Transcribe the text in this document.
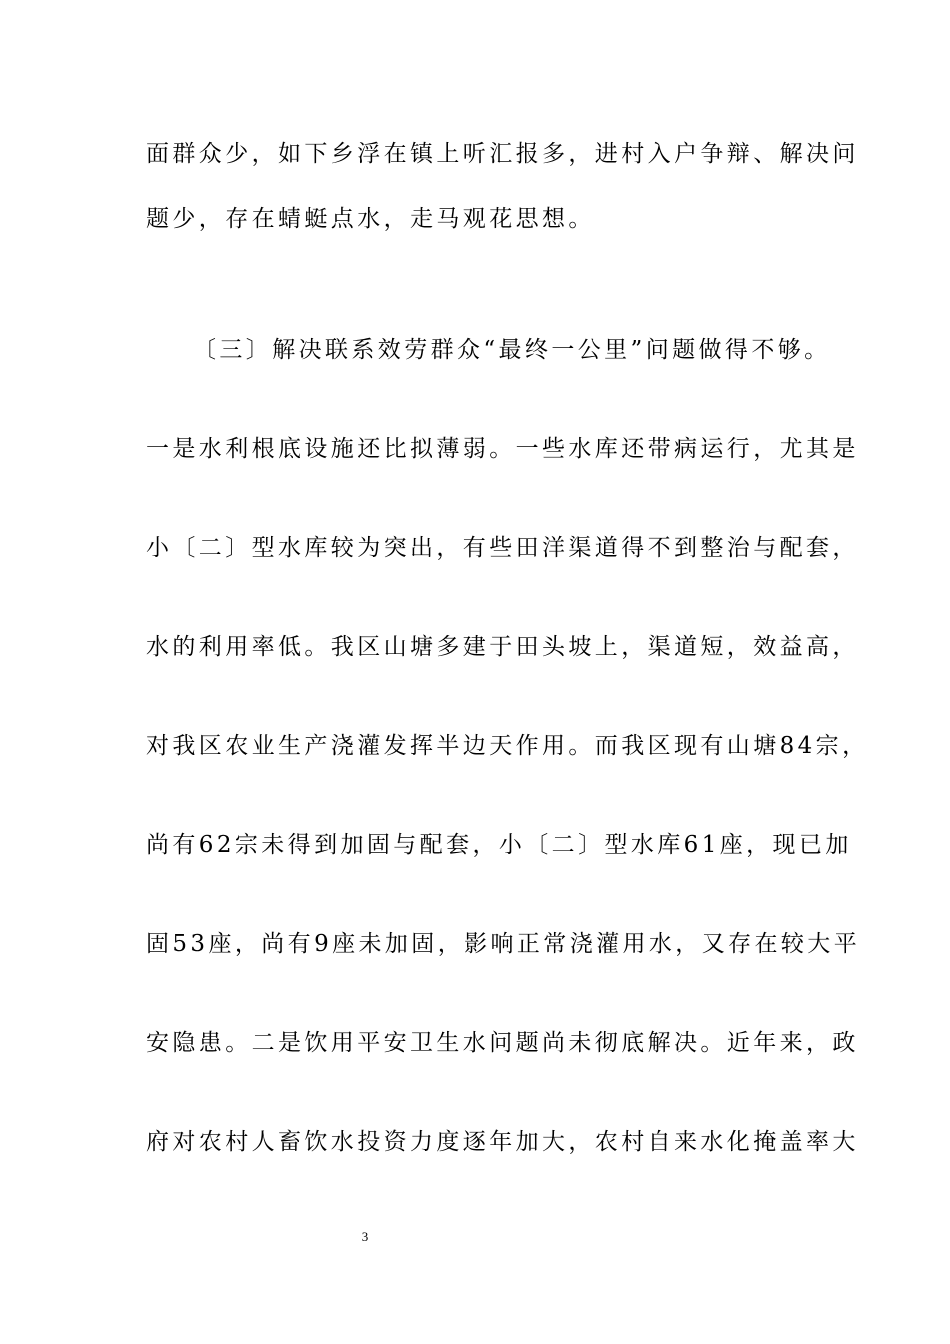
面群众少，如下乡浮在镇上听汇报多，进村入户争辩、解决问
题少，存在蜻蜓点水，走马观花思想。
〔三〕解决联系效劳群众“最终一公里”问题做得不够。
一是水利根底设施还比拟薄弱。一些水库还带病运行，尤其是
小〔二〕型水库较为突出，有些田洋渠道得不到整治与配套，
水的利用率低。我区山塘多建于田头坡上，渠道短，效益高，
对我区农业生产浇灌发挥半边天作用。而我区现有山塘84宗，
尚有62宗未得到加固与配套，小〔二〕型水库61座，现已加
固53座，尚有9座未加固，影响正常浇灌用水，又存在较大平
安隐患。二是饮用平安卫生水问题尚未彻底解决。近年来，政
府对农村人畜饮水投资力度逐年加大，农村自来水化掩盖率大
3
